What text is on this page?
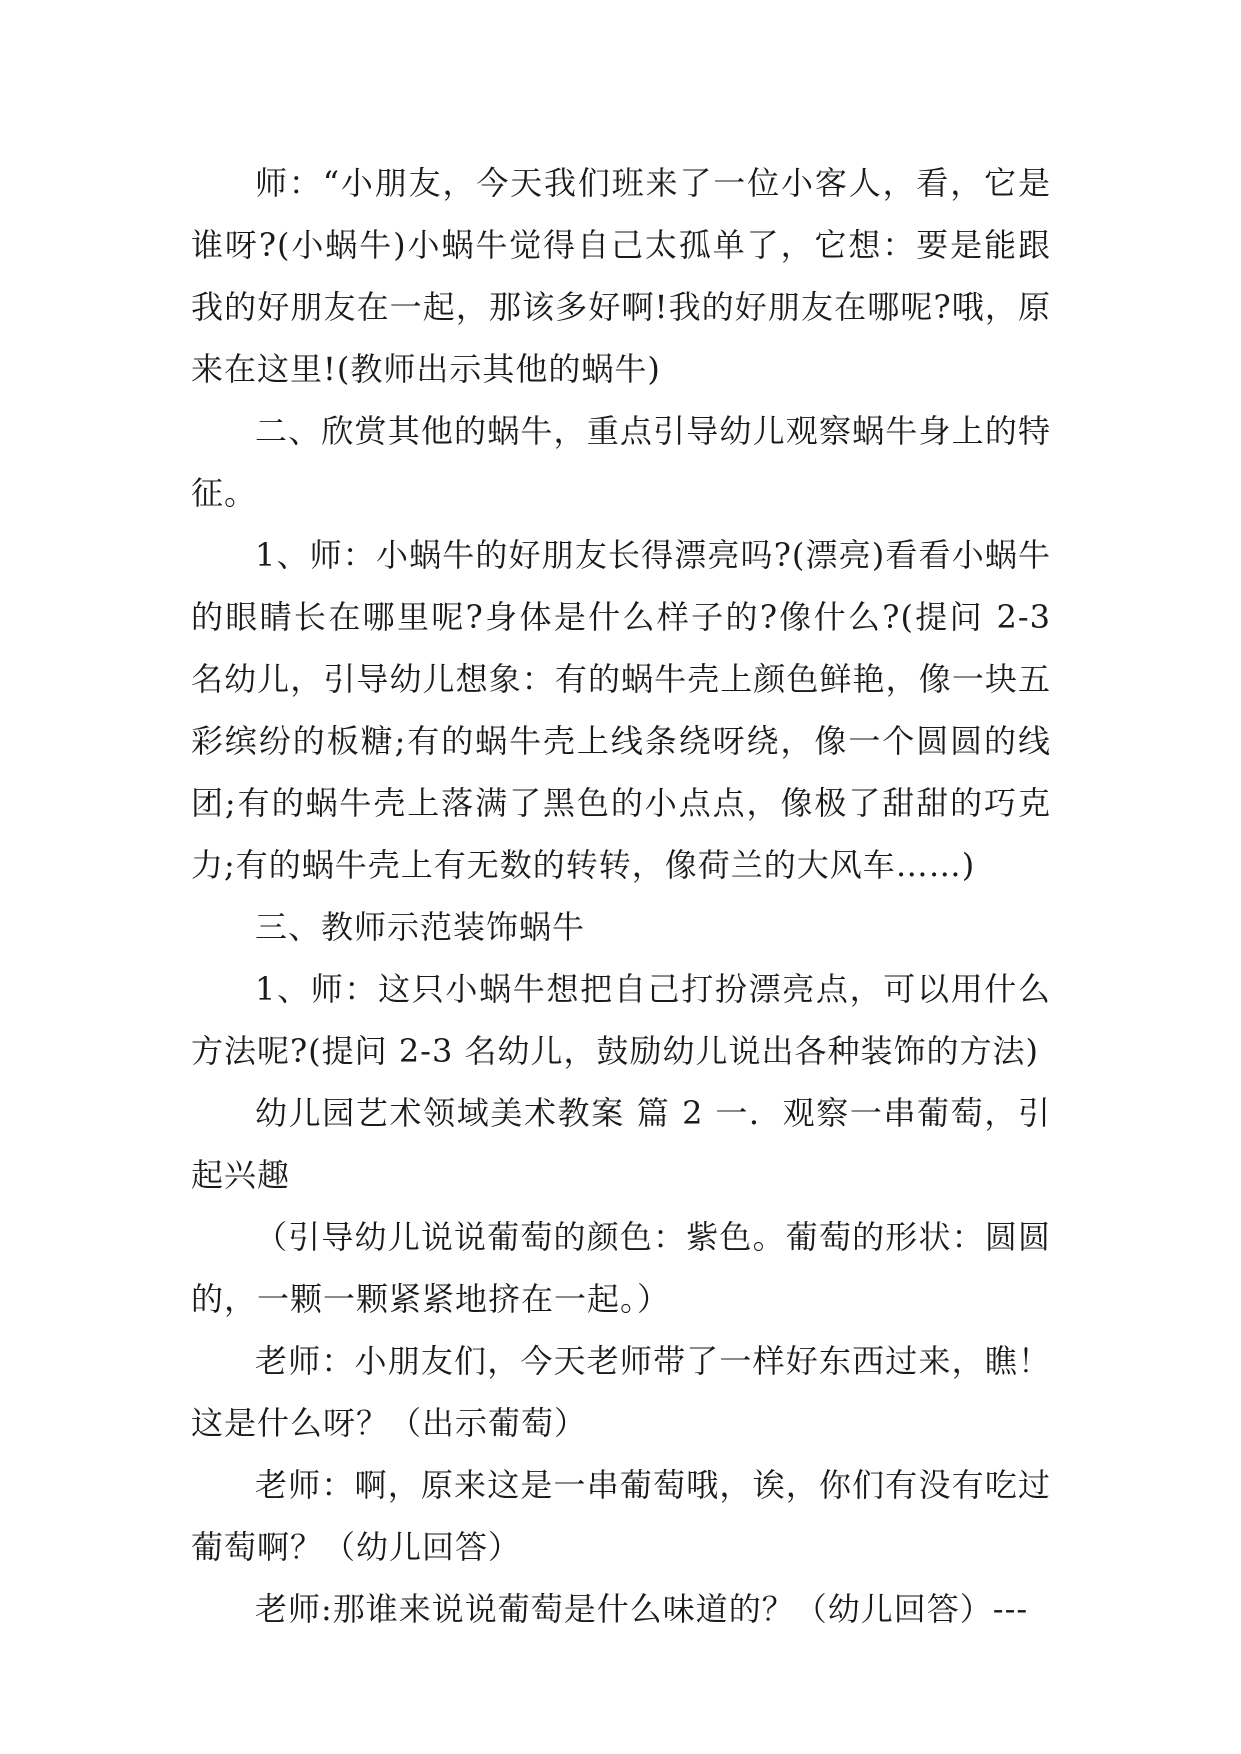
师：“小朋友，今天我们班来了一位小客人，看，它是谁呀?(小蜗牛)小蜗牛觉得自己太孤单了，它想：要是能跟我的好朋友在一起，那该多好啊!我的好朋友在哪呢?哦，原来在这里!(教师出示其他的蜗牛)

二、欣赏其他的蜗牛，重点引导幼儿观察蜗牛身上的特征。

1、师：小蜗牛的好朋友长得漂亮吗?(漂亮)看看小蜗牛的眼睛长在哪里呢?身体是什么样子的?像什么?(提问 2-3 名幼儿，引导幼儿想象：有的蜗牛壳上颜色鲜艳，像一块五彩缤纷的板糖;有的蜗牛壳上线条绕呀绕，像一个圆圆的线团;有的蜗牛壳上落满了黑色的小点点，像极了甜甜的巧克力;有的蜗牛壳上有无数的转转，像荷兰的大风车……)

三、教师示范装饰蜗牛

1、师：这只小蜗牛想把自己打扮漂亮点，可以用什么方法呢?(提问 2-3 名幼儿，鼓励幼儿说出各种装饰的方法)

幼儿园艺术领域美术教案 篇 2 一．观察一串葡萄，引起兴趣

（引导幼儿说说葡萄的颜色：紫色。葡萄的形状：圆圆的，一颗一颗紧紧地挤在一起。）

老师：小朋友们，今天老师带了一样好东西过来，瞧！这是什么呀？（出示葡萄）

老师：啊，原来这是一串葡萄哦，诶，你们有没有吃过葡萄啊？（幼儿回答）

老师:那谁来说说葡萄是什么味道的？（幼儿回答）---
